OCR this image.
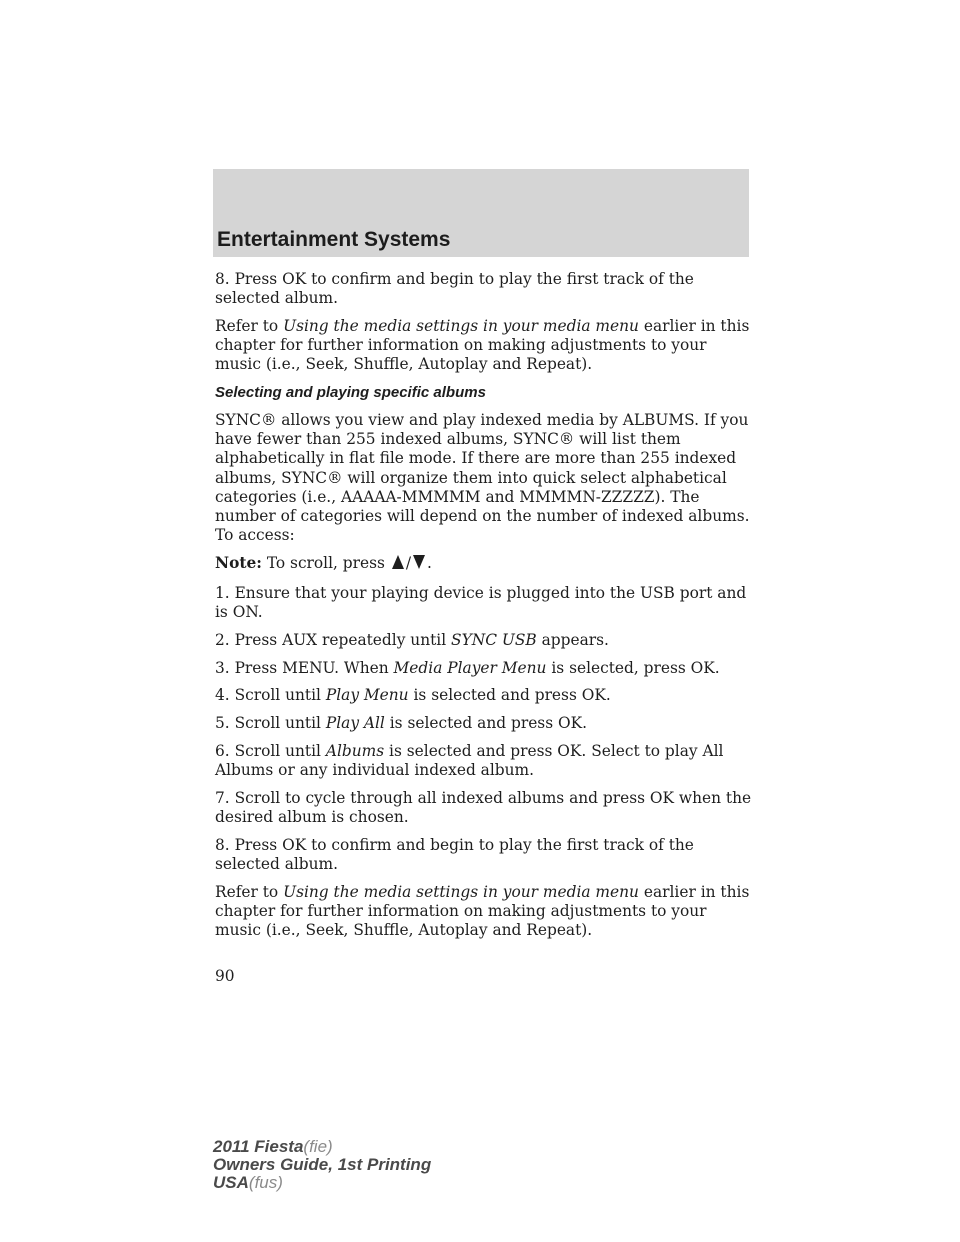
Entertainment Systems

8. Press OK to confirm and begin to play the first track of the selected album.

Refer to Using the media settings in your media menu earlier in this chapter for further information on making adjustments to your music (i.e., Seek, Shuffle, Autoplay and Repeat).

Selecting and playing specific albums

SYNC® allows you view and play indexed media by ALBUMS. If you have fewer than 255 indexed albums, SYNC® will list them alphabetically in flat file mode. If there are more than 255 indexed albums, SYNC® will organize them into quick select alphabetical categories (i.e., AAAAA-MMMMM and MMMMN-ZZZZZ). The number of categories will depend on the number of indexed albums.

To access:

Note: To scroll, press / .

1. Ensure that your playing device is plugged into the USB port and is ON.

2. Press AUX repeatedly until SYNC USB appears.

3. Press MENU. When Media Player Menu is selected, press OK.

4. Scroll until Play Menu is selected and press OK.

5. Scroll until Play All is selected and press OK.

6. Scroll until Albums is selected and press OK. Select to play All Albums or any individual indexed album.

7. Scroll to cycle through all indexed albums and press OK when the desired album is chosen.

8. Press OK to confirm and begin to play the first track of the selected album.

Refer to Using the media settings in your media menu earlier in this chapter for further information on making adjustments to your music (i.e., Seek, Shuffle, Autoplay and Repeat).

90
2011 Fiesta(fie)
Owners Guide, 1st Printing
USA(fus)
